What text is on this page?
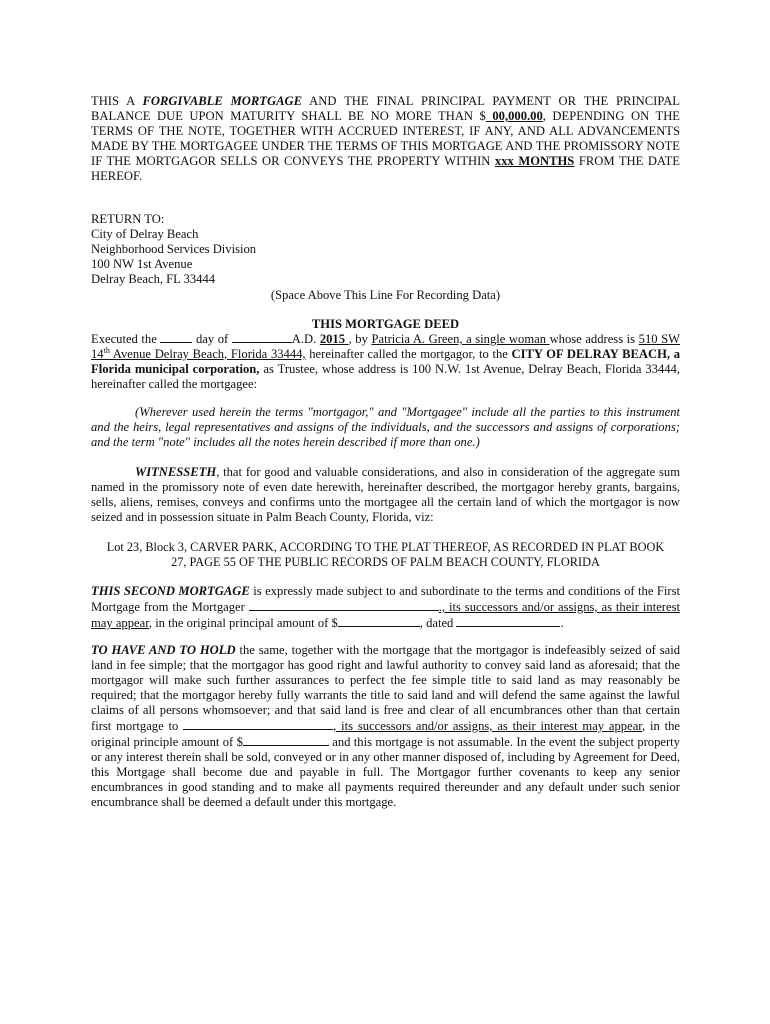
THIS A FORGIVABLE MORTGAGE AND THE FINAL PRINCIPAL PAYMENT OR THE PRINCIPAL BALANCE DUE UPON MATURITY SHALL BE NO MORE THAN $ 00,000.00, DEPENDING ON THE TERMS OF THE NOTE, TOGETHER WITH ACCRUED INTEREST, IF ANY, AND ALL ADVANCEMENTS MADE BY THE MORTGAGEE UNDER THE TERMS OF THIS MORTGAGE AND THE PROMISSORY NOTE IF THE MORTGAGOR SELLS OR CONVEYS THE PROPERTY WITHIN xxx MONTHS FROM THE DATE HEREOF.
RETURN TO:
City of Delray Beach
Neighborhood Services Division
100 NW 1st Avenue
Delray Beach, FL 33444
(Space Above This Line For Recording Data)
THIS MORTGAGE DEED
Executed the	day of	A.D. 2015 , by Patricia A. Green, a single woman whose address is 510 SW 14th Avenue Delray Beach, Florida 33444, hereinafter called the mortgagor, to the CITY OF DELRAY BEACH, a Florida municipal corporation, as Trustee, whose address is 100 N.W. 1st Avenue, Delray Beach, Florida 33444, hereinafter called the mortgagee:
(Wherever used herein the terms "mortgagor," and "Mortgagee" include all the parties to this instrument and the heirs, legal representatives and assigns of the individuals, and the successors and assigns of corporations; and the term "note" includes all the notes herein described if more than one.)
WITNESSETH, that for good and valuable considerations, and also in consideration of the aggregate sum named in the promissory note of even date herewith, hereinafter described, the mortgagor hereby grants, bargains, sells, aliens, remises, conveys and confirms unto the mortgagee all the certain land of which the mortgagor is now seized and in possession situate in Palm Beach County, Florida, viz:
Lot 23, Block 3, CARVER PARK, ACCORDING TO THE PLAT THEREOF, AS RECORDED IN PLAT BOOK
27, PAGE 55 OF THE PUBLIC RECORDS OF PALM BEACH COUNTY, FLORIDA
THIS SECOND MORTGAGE is expressly made subject to and subordinate to the terms and conditions of the First Mortgage from the Mortgager	., its successors and/or assigns, as their interest may appear, in the original principal amount of $	, dated	.
TO HAVE AND TO HOLD the same, together with the mortgage that the mortgagor is indefeasibly seized of said land in fee simple; that the mortgagor has good right and lawful authority to convey said land as aforesaid; that the mortgagor will make such further assurances to perfect the fee simple title to said land as may reasonably be required; that the mortgagor hereby fully warrants the title to said land and will defend the same against the lawful claims of all persons whomsoever; and that said land is free and clear of all encumbrances other than that certain first mortgage to	, its successors and/or assigns, as their interest may appear, in the original principle amount of $	and this mortgage is not assumable. In the event the subject property or any interest therein shall be sold, conveyed or in any other manner disposed of, including by Agreement for Deed, this Mortgage shall become due and payable in full. The Mortgagor further covenants to keep any senior encumbrances in good standing and to make all payments required thereunder and any default under such senior encumbrance shall be deemed a default under this mortgage.
